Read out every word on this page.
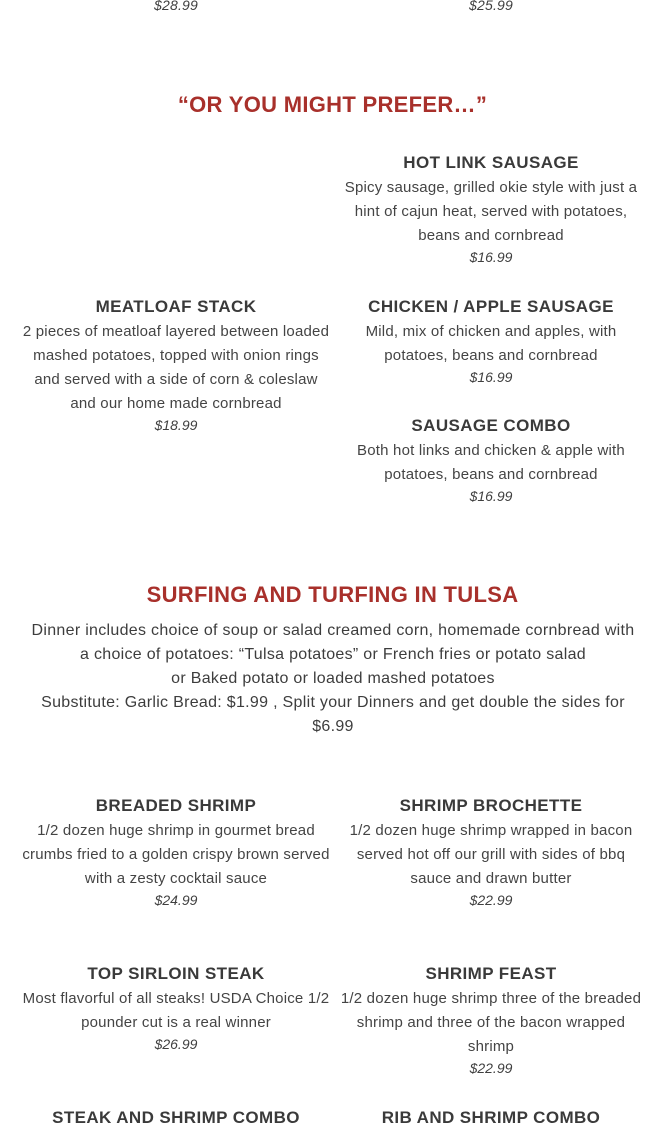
$28.99	$25.99
“OR YOU MIGHT PREFER…”
HOT LINK SAUSAGE
Spicy sausage, grilled okie style with just a hint of cajun heat, served with potatoes, beans and cornbread
$16.99
MEATLOAF STACK
2 pieces of meatloaf layered between loaded mashed potatoes, topped with onion rings and served with a side of corn & coleslaw and our home made cornbread
$18.99
CHICKEN / APPLE SAUSAGE
Mild, mix of chicken and apples, with potatoes, beans and cornbread
$16.99
SAUSAGE COMBO
Both hot links and chicken & apple with potatoes, beans and cornbread
$16.99
SURFING AND TURFING IN TULSA

Dinner includes choice of soup or salad creamed corn, homemade cornbread with a choice of potatoes: “Tulsa potatoes” or French fries or potato salad

or Baked potato or loaded mashed potatoes

Substitute: Garlic Bread: $1.99 , Split your Dinners and get double the sides for $6.99

BREADED SHRIMP
1/2 dozen huge shrimp in gourmet bread crumbs fried to a golden crispy brown served with a zesty cocktail sauce
$24.99
SHRIMP BROCHETTE
1/2 dozen huge shrimp wrapped in bacon served hot off our grill with sides of bbq sauce and drawn butter
$22.99
TOP SIRLOIN STEAK
Most flavorful of all steaks! USDA Choice 1/2 pounder cut is a real winner
$26.99
SHRIMP FEAST
1/2 dozen huge shrimp three of the breaded shrimp and three of the bacon wrapped shrimp
$22.99
STEAK AND SHRIMP COMBO	RIB AND SHRIMP COMBO
